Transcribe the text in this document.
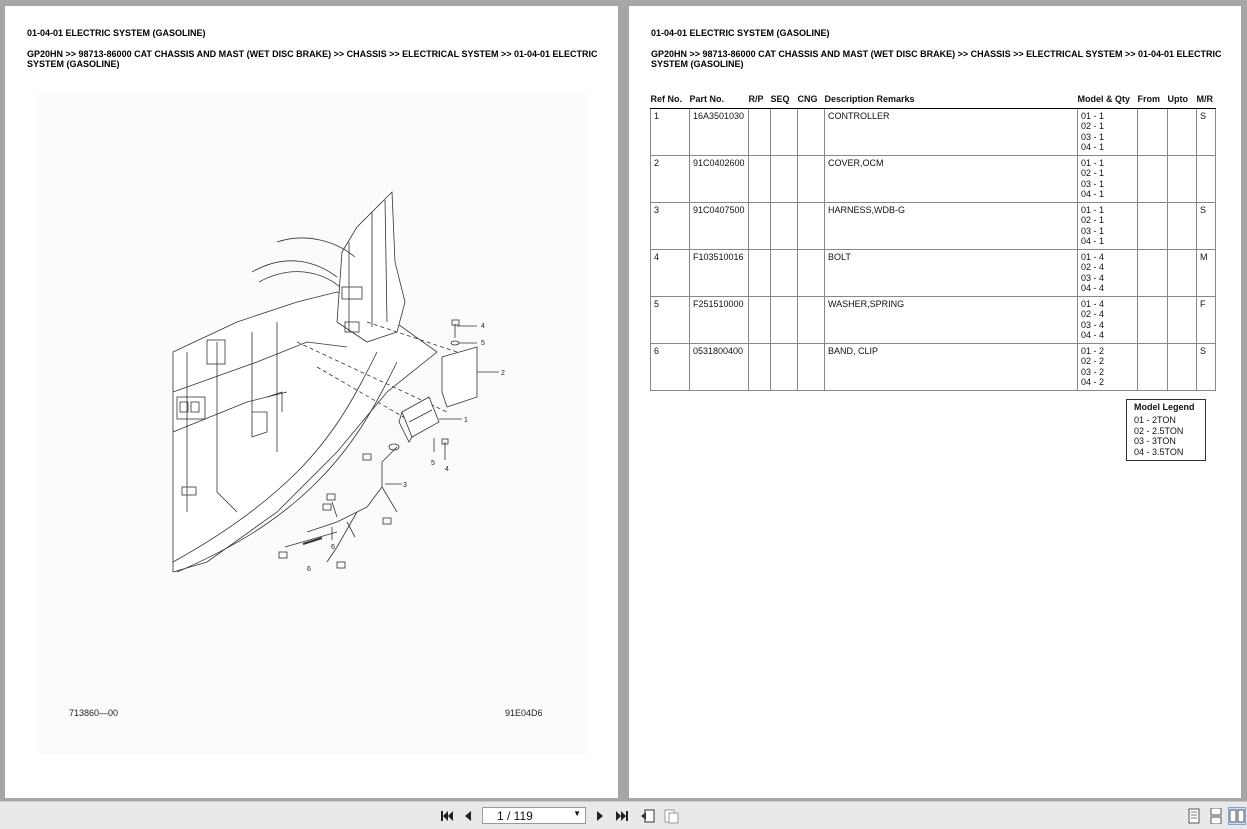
01-04-01 ELECTRIC SYSTEM (GASOLINE)
GP20HN >> 98713-86000 CAT CHASSIS AND MAST (WET DISC BRAKE) >> CHASSIS >> ELECTRICAL SYSTEM >> 01-04-01 ELECTRIC SYSTEM (GASOLINE)
4
5
2
1
5
4
3
6
6
713860—00	91E04D6
01-04-01 ELECTRIC SYSTEM (GASOLINE)
GP20HN >> 98713-86000 CAT CHASSIS AND MAST (WET DISC BRAKE) >> CHASSIS >> ELECTRICAL SYSTEM >> 01-04-01 ELECTRIC SYSTEM (GASOLINE)
Ref No.	Part No.	R/P	SEQ	CNG	Description Remarks	Model & Qty	From	Upto	M/R
1	16A3501030				CONTROLLER	01 - 1
02 - 1
03 - 1
04 - 1			S
2	91C0402600				COVER,OCM	01 - 1
02 - 1
03 - 1
04 - 1			

3	91C0407500				HARNESS,WDB-G	01 - 1
02 - 1
03 - 1
04 - 1			S
4	F103510016				BOLT	01 - 4
02 - 4
03 - 4
04 - 4			M
5	F251510000				WASHER,SPRING	01 - 4
02 - 4
03 - 4
04 - 4			F
6	0531800400				BAND, CLIP	01 - 2
02 - 2
03 - 2
04 - 2			S
Model Legend
01 - 2TON
02 - 2.5TON
03 - 3TON
04 - 3.5TON
1 / 119	▼
